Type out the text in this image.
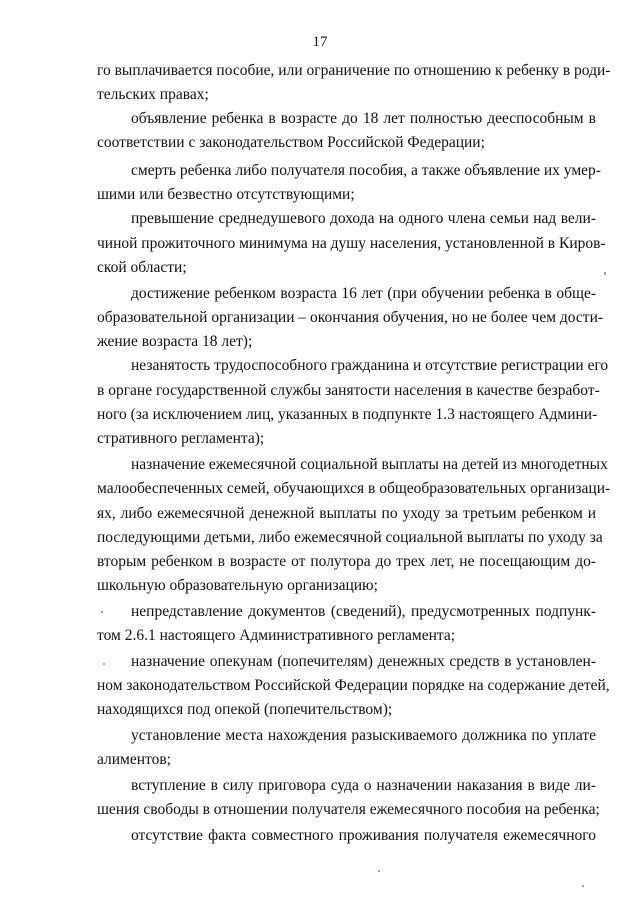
17
го выплачивается пособие, или ограничение по отношению к ребенку в роди-
тельских правах;
объявление ребенка в возрасте до 18 лет полностью дееспособным в
соответствии с законодательством Российской Федерации;
смерть ребенка либо получателя пособия, а также объявление их умер-
шими или безвестно отсутствующими;
превышение среднедушевого дохода на одного члена семьи над вели-
чиной прожиточного минимума на душу населения, установленной в Киров-
ской области;
достижение ребенком возраста 16 лет (при обучении ребенка в обще-
образовательной организации – окончания обучения, но не более чем дости-
жение возраста 18 лет);
незанятость трудоспособного гражданина и отсутствие регистрации его
в органе государственной службы занятости населения в качестве безработ-
ного (за исключением лиц, указанных в подпункте 1.3 настоящего Админи-
стративного регламента);
назначение ежемесячной социальной выплаты на детей из многодетных
малообеспеченных семей, обучающихся в общеобразовательных организаци-
ях, либо ежемесячной денежной выплаты по уходу за третьим ребенком и
последующими детьми, либо ежемесячной социальной выплаты по уходу за
вторым ребенком в возрасте от полутора до трех лет, не посещающим до-
школьную образовательную организацию;
непредставление документов (сведений), предусмотренных подпунк-
том 2.6.1 настоящего Административного регламента;
назначение опекунам (попечителям) денежных средств в установлен-
ном законодательством Российской Федерации порядке на содержание детей,
находящихся под опекой (попечительством);
установление места нахождения разыскиваемого должника по уплате
алиментов;
вступление в силу приговора суда о назначении наказания в виде ли-
шения свободы в отношении получателя ежемесячного пособия на ребенка;
отсутствие факта совместного проживания получателя ежемесячного
